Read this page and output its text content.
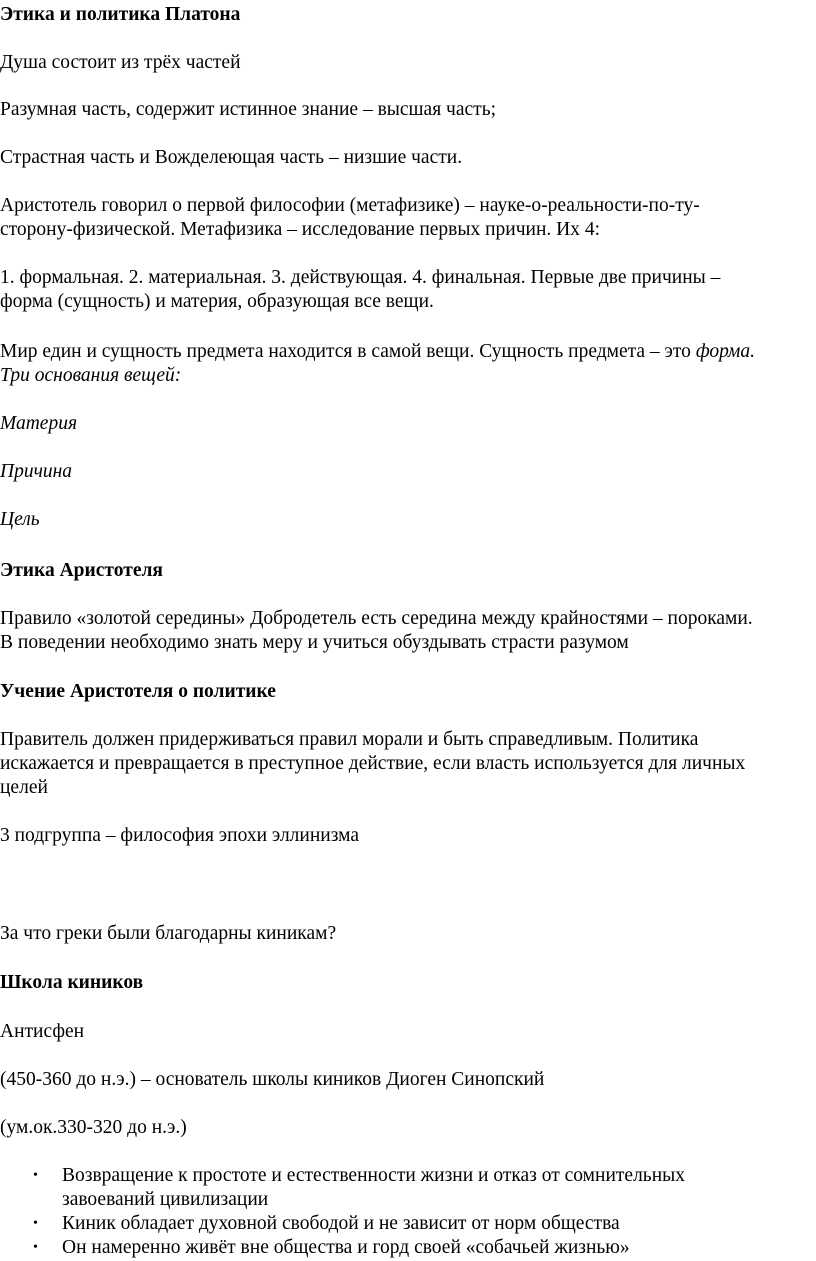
Этика и политика Платона

Душа состоит из трёх частей

Разумная часть, содержит истинное знание – высшая часть;

Страстная часть и Вожделеющая часть – низшие части.

Аристотель говорил о первой философии (метафизике) – науке-о-реальности-по-ту-

сторону-физической. Метафизика – исследование первых причин. Их 4:

1. формальная. 2. материальная. 3. действующая. 4. финальная. Первые две причины –

форма (сущность) и материя, образующая все вещи.

Мир един и сущность предмета находится в самой вещи. Сущность предмета – это форма.

Три основания вещей:

Материя

Причина

Цель

Этика Аристотеля

Правило «золотой середины» Добродетель есть середина между крайностями – пороками.

В поведении необходимо знать меру и учиться обуздывать страсти разумом

Учение Аристотеля о политике

Правитель должен придерживаться правил морали и быть справедливым. Политика

искажается и превращается в преступное действие, если власть используется для личных

целей

3 подгруппа – философия эпохи эллинизма

За что греки были благодарны киникам?

Школа киников

Антисфен

(450-360 до н.э.) – основатель школы киников Диоген Синопский

(ум.ок.330-320 до н.э.)

• Возвращение к простоте и естественности жизни и отказ от сомнительных

завоеваний цивилизации

• Киник обладает духовной свободой и не зависит от норм общества

• Он намеренно живёт вне общества и горд своей «собачьей жизнью»
